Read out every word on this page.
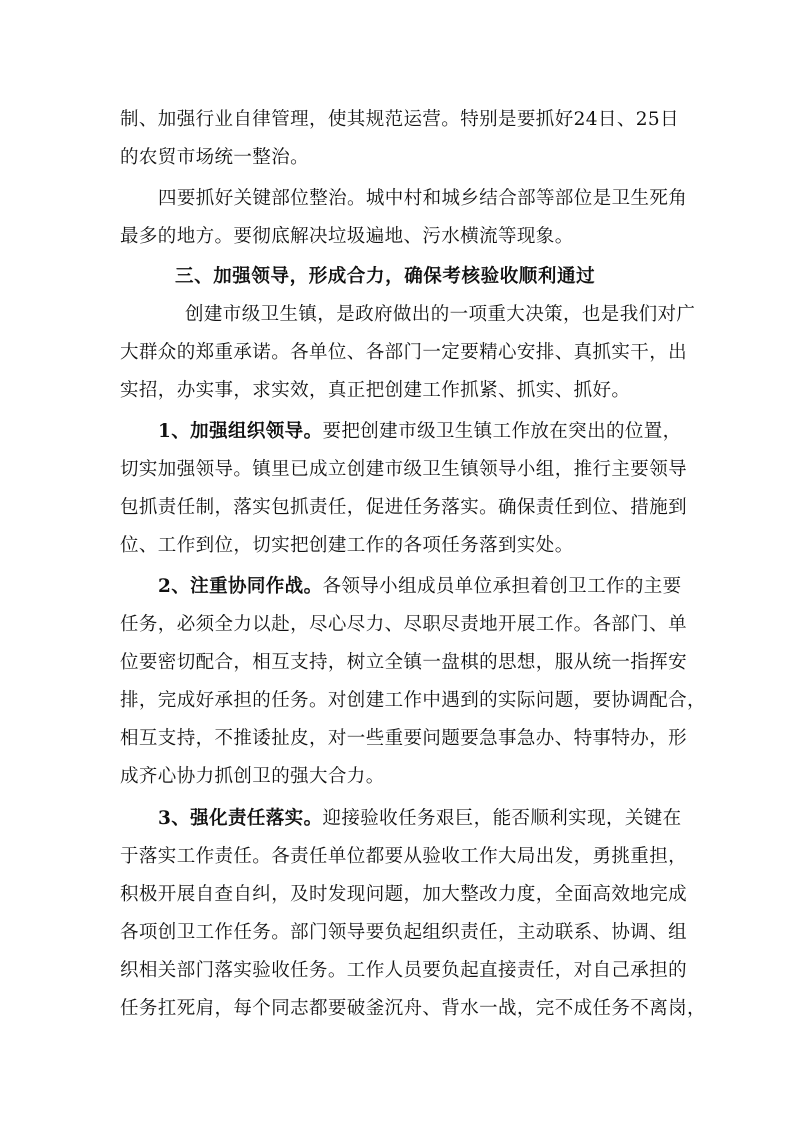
制、加强行业自律管理，使其规范运营。特别是要抓好24日、25日
的农贸市场统一整治。
四要抓好关键部位整治。城中村和城乡结合部等部位是卫生死角
最多的地方。要彻底解决垃圾遍地、污水横流等现象。
三、加强领导，形成合力，确保考核验收顺利通过
创建市级卫生镇，是政府做出的一项重大决策，也是我们对广
大群众的郑重承诺。各单位、各部门一定要精心安排、真抓实干，出
实招，办实事，求实效，真正把创建工作抓紧、抓实、抓好。
1、加强组织领导。要把创建市级卫生镇工作放在突出的位置，
切实加强领导。镇里已成立创建市级卫生镇领导小组，推行主要领导
包抓责任制，落实包抓责任，促进任务落实。确保责任到位、措施到
位、工作到位，切实把创建工作的各项任务落到实处。
2、注重协同作战。各领导小组成员单位承担着创卫工作的主要
任务，必须全力以赴，尽心尽力、尽职尽责地开展工作。各部门、单
位要密切配合，相互支持，树立全镇一盘棋的思想，服从统一指挥安
排，完成好承担的任务。对创建工作中遇到的实际问题，要协调配合，
相互支持，不推诿扯皮，对一些重要问题要急事急办、特事特办，形
成齐心协力抓创卫的强大合力。
3、强化责任落实。迎接验收任务艰巨，能否顺利实现，关键在
于落实工作责任。各责任单位都要从验收工作大局出发，勇挑重担，
积极开展自查自纠，及时发现问题，加大整改力度，全面高效地完成
各项创卫工作任务。部门领导要负起组织责任，主动联系、协调、组
织相关部门落实验收任务。工作人员要负起直接责任，对自己承担的
任务扛死肩，每个同志都要破釜沉舟、背水一战，完不成任务不离岗，
